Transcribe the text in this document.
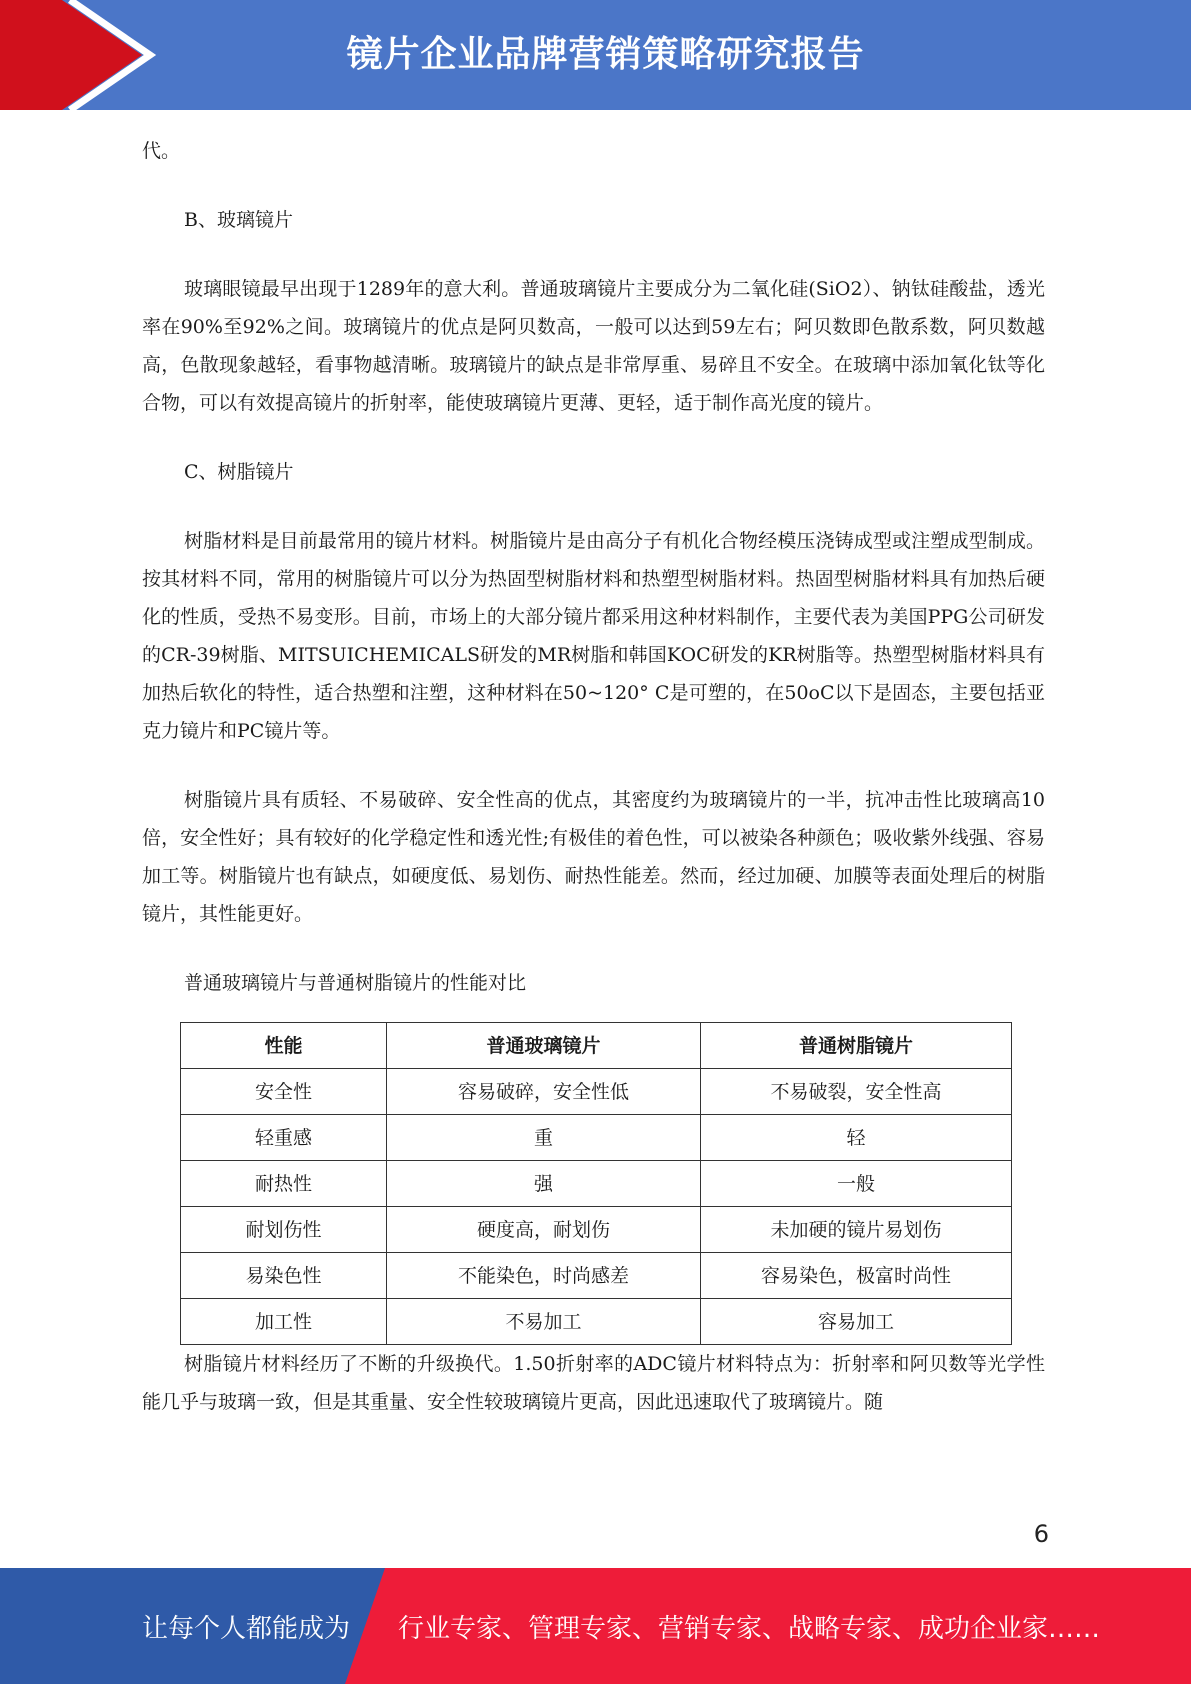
镜片企业品牌营销策略研究报告

代。

B、玻璃镜片

玻璃眼镜最早出现于1289年的意大利。普通玻璃镜片主要成分为二氧化硅(SiO2）、钠钛硅酸盐，透光率在90%至92%之间。玻璃镜片的优点是阿贝数高，一般可以达到59左右；阿贝数即色散系数，阿贝数越高，色散现象越轻，看事物越清晰。玻璃镜片的缺点是非常厚重、易碎且不安全。在玻璃中添加氧化钛等化合物，可以有效提高镜片的折射率，能使玻璃镜片更薄、更轻，适于制作高光度的镜片。

C、树脂镜片

树脂材料是目前最常用的镜片材料。树脂镜片是由高分子有机化合物经模压浇铸成型或注塑成型制成。按其材料不同，常用的树脂镜片可以分为热固型树脂材料和热塑型树脂材料。热固型树脂材料具有加热后硬化的性质，受热不易变形。目前，市场上的大部分镜片都采用这种材料制作，主要代表为美国PPG公司研发的CR-39树脂、MITSUICHEMICALS研发的MR树脂和韩国KOC研发的KR树脂等。热塑型树脂材料具有加热后软化的特性，适合热塑和注塑，这种材料在50~120° C是可塑的，在50oC以下是固态，主要包括亚克力镜片和PC镜片等。

树脂镜片具有质轻、不易破碎、安全性高的优点，其密度约为玻璃镜片的一半，抗冲击性比玻璃高10倍，安全性好；具有较好的化学稳定性和透光性;有极佳的着色性，可以被染各种颜色；吸收紫外线强、容易加工等。树脂镜片也有缺点，如硬度低、易划伤、耐热性能差。然而，经过加硬、加膜等表面处理后的树脂镜片，其性能更好。

普通玻璃镜片与普通树脂镜片的性能对比

性能	普通玻璃镜片	普通树脂镜片
安全性	容易破碎，安全性低	不易破裂，安全性高
轻重感	重	轻
耐热性	强	一般
耐划伤性	硬度高，耐划伤	未加硬的镜片易划伤
易染色性	不能染色，时尚感差	容易染色，极富时尚性
加工性	不易加工	容易加工

树脂镜片材料经历了不断的升级换代。1.50折射率的ADC镜片材料特点为：折射率和阿贝数等光学性能几乎与玻璃一致，但是其重量、安全性较玻璃镜片更高，因此迅速取代了玻璃镜片。随

6
让每个人都能成为 行业专家、管理专家、营销专家、战略专家、成功企业家……
